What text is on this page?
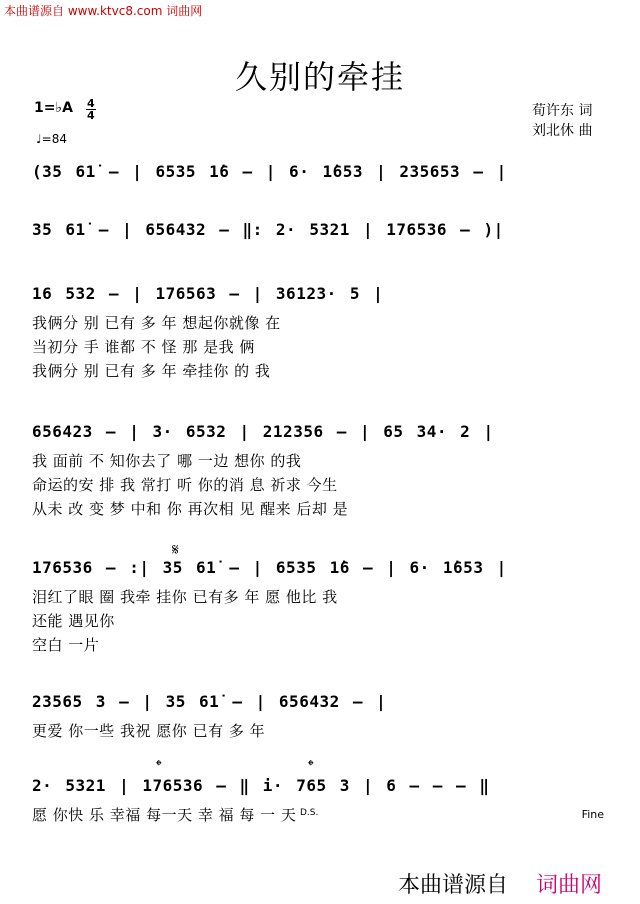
本曲谱源自 www.ktvc8.com 词曲网
久别的牵挂
1=♭A $\frac{4}{4}$
♩=84
荀许东 词
刘北休 曲
(35 61̇ – | 6535 1̇6 – | 6· 1̇653 | 235653 – |
35 61̇ – | 656432 – ‖: 2· 5321 | 176536 – )|
16 532 – | 176563 – | 36123· 5 |
我俩分 别 已有 多 年 想起你就像 在
当初分 手 谁都 不 怪 那 是我 俩
我俩分 别 已有 多 年 牵挂你 的 我
656423 – | 3· 6532 | 212356 – | 65 34· 2 |
我 面前 不 知你去了 哪 一边 想你 的我
命运的安 排 我 常打 听 你的消 息 祈求 今生
从未 改 变 梦 中和 你 再次相 见 醒来 后却 是
𝄋
176536 – :| 35 61̇ – | 6535 1̇6 – | 6· 1̇653 |
泪红了眼 圈 我牵 挂你 已有多 年 愿 他比 我
还能 遇见你
空白 一片
23565 3 – | 35 61̇ – | 656432 – |
更爱 你一些 我祝 愿你 已有 多 年
𝄌	𝄌
2· 5321 | 176536 – ‖ i· 765 3 | 6 – – – ‖
愿 你快 乐 幸福 每一天 幸 福 每 一 天 D.S.	Fine
本曲谱源自 词曲网
